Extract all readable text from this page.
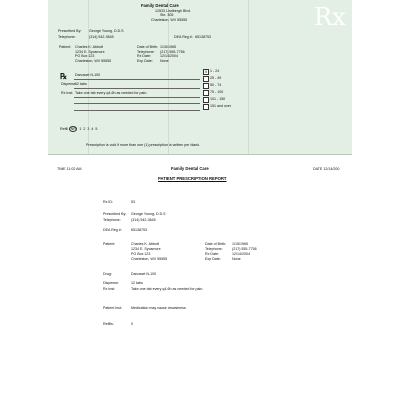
Rx
Family Dental Care
12533 Lindbergh Blvd.
Ste. 305
Charleston, WV 55555
Prescribed By: George Young, D.D.S
Telephone:	(314) 542-3645	DEA Reg #: 65138753
Patient: Charles K. Abbott
1234 E. Sycamore
PO Box 123
Charleston, WV 55555
Date of Birth: 1/15/1965
Telephone: (217) 555-7756
Rx Date:	12/14/2004
Exp Date: None
℞ Darvacet N-100
Dispense:
12 tabs
Rx Inst: Take one tab every q4-6h as needed for pain.
X 1 - 24
25 - 49
50 - 74
75 - 100
101 - 150
151 and over
Refill NR 1 2 3 4 5
Prescription is void if more than one (1) prescription is written per blank.
TIME 11:02 AM	Family Dental Care	DATE 12/14/200
PATIENT PRESCRIPTION REPORT
Rx ID:	53
Prescribed By: George Young, D.D.S
Telephone:	(314) 542-3645
DEA Reg #:	65138753
Patient:	Charles K. Abbott
1234 E. Sycamore
PO Box 123
Charleston, WV 55555
Date of Birth: 1/15/1965
Telephone:	(217) 555-7756
Rx Date:	12/14/2004
Exp Date:	None
Drug:	Darvacet N-100
Dispense:	12 tabs
Rx Inst:	Take one tab every q4-6h as needed for pain.
Patient Inst:	Medication may cause drowsiness.
Refills:	0
